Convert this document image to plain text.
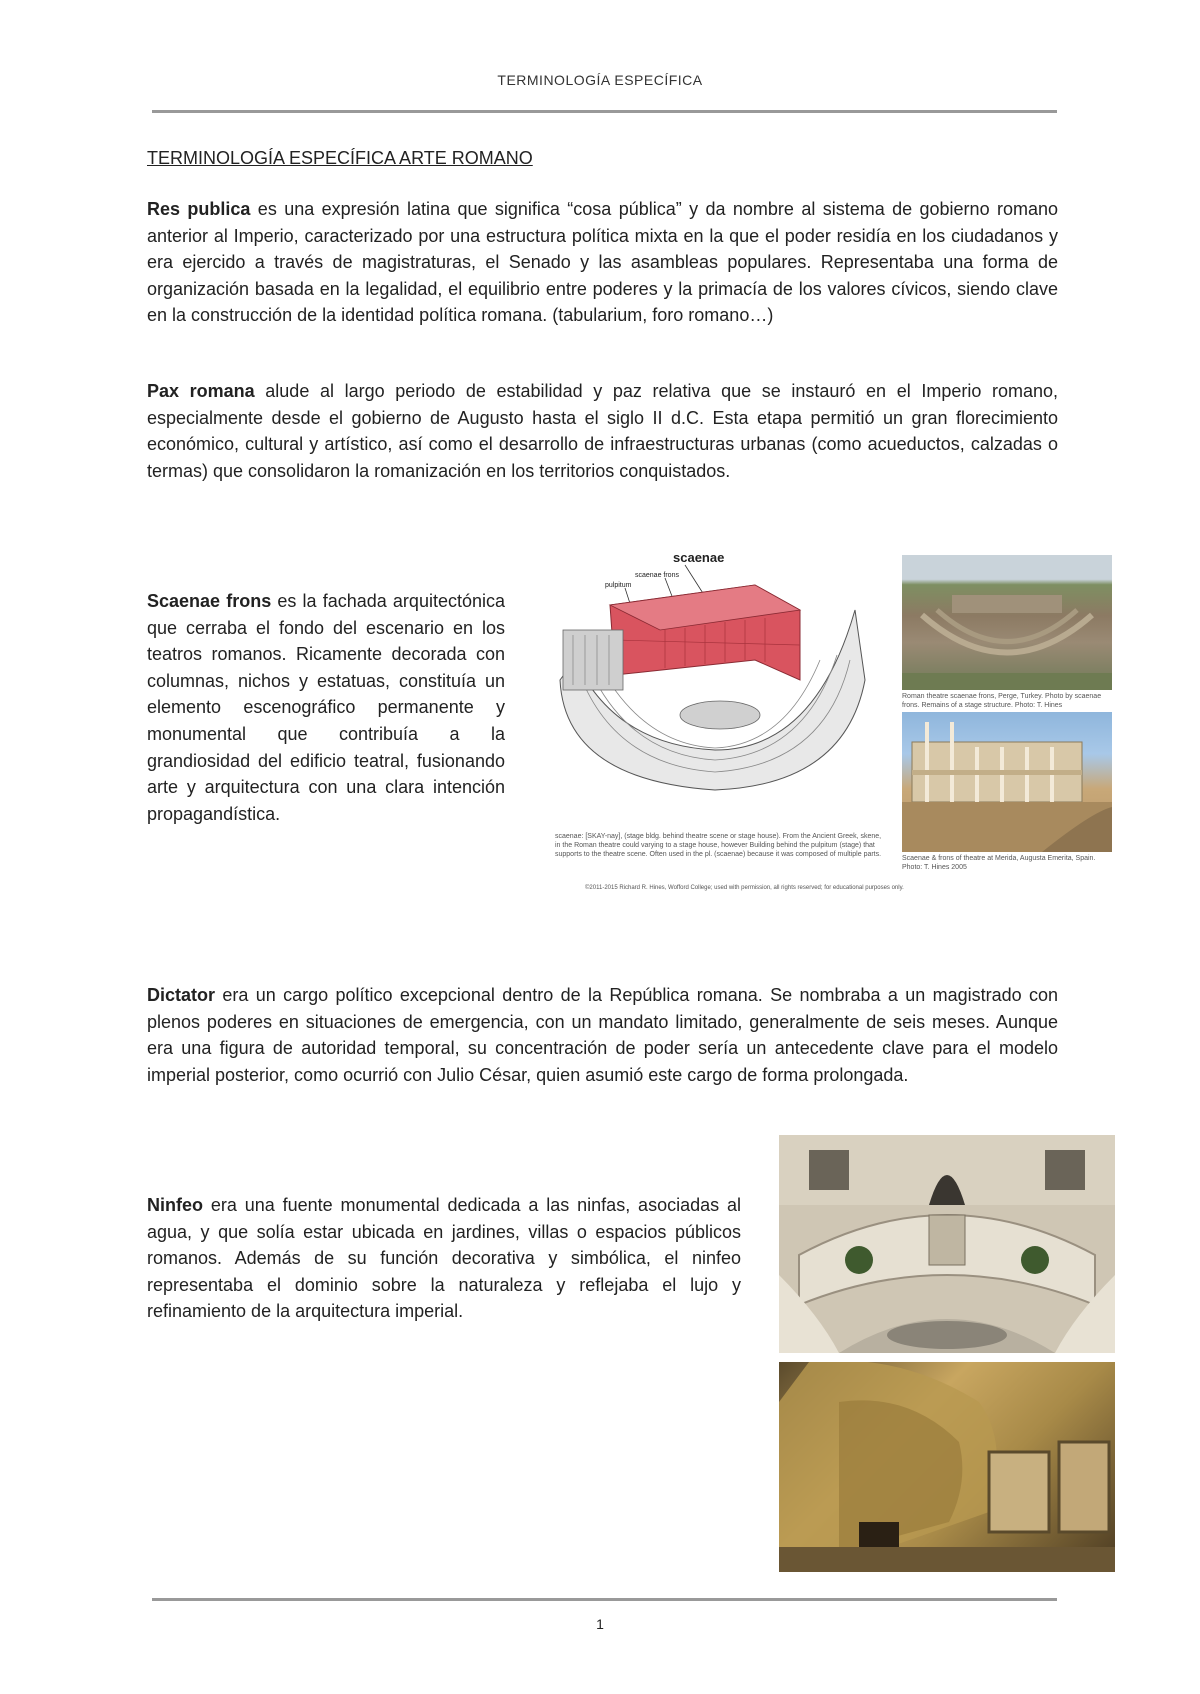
TERMINOLOGÍA ESPECÍFICA
TERMINOLOGÍA ESPECÍFICA ARTE ROMANO
Res publica es una expresión latina que significa “cosa pública” y da nombre al sistema de gobierno romano anterior al Imperio, caracterizado por una estructura política mixta en la que el poder residía en los ciudadanos y era ejercido a través de magistraturas, el Senado y las asambleas populares. Representaba una forma de organización basada en la legalidad, el equilibrio entre poderes y la primacía de los valores cívicos, siendo clave en la construcción de la identidad política romana. (tabularium, foro romano…)
Pax romana alude al largo periodo de estabilidad y paz relativa que se instauró en el Imperio romano, especialmente desde el gobierno de Augusto hasta el siglo II d.C. Esta etapa permitió un gran florecimiento económico, cultural y artístico, así como el desarrollo de infraestructuras urbanas (como acueductos, calzadas o termas) que consolidaron la romanización en los territorios conquistados.
Scaenae frons es la fachada arquitectónica que cerraba el fondo del escenario en los teatros romanos. Ricamente decorada con columnas, nichos y estatuas, constituía un elemento escenográfico permanente y monumental que contribuía a la grandiosidad del edificio teatral, fusionando arte y arquitectura con una clara intención propagandística.
scaenae
scaenae frons
pulpitum
scaenae: [SKAY-nay], (stage bldg. behind theatre scene or stage house). From the Ancient Greek, skene, in the Roman theatre could varying to a stage house, however Building behind the pulpitum (stage) that supports to the theatre scene. Often used in the pl. (scaenae) because it was composed of multiple parts.
Roman theatre scaenae frons, Perge, Turkey. Photo by scaenae frons. Remains of a stage structure. Photo: T. Hines
Scaenae & frons of theatre at Merida, Augusta Emerita, Spain. Photo: T. Hines 2005
©2011-2015 Richard R. Hines, Wofford College; used with permission, all rights reserved; for educational purposes only.
Dictator era un cargo político excepcional dentro de la República romana. Se nombraba a un magistrado con plenos poderes en situaciones de emergencia, con un mandato limitado, generalmente de seis meses. Aunque era una figura de autoridad temporal, su concentración de poder sería un antecedente clave para el modelo imperial posterior, como ocurrió con Julio César, quien asumió este cargo de forma prolongada.
Ninfeo era una fuente monumental dedicada a las ninfas, asociadas al agua, y que solía estar ubicada en jardines, villas o espacios públicos romanos. Además de su función decorativa y simbólica, el ninfeo representaba el dominio sobre la naturaleza y reflejaba el lujo y refinamiento de la arquitectura imperial.
1
